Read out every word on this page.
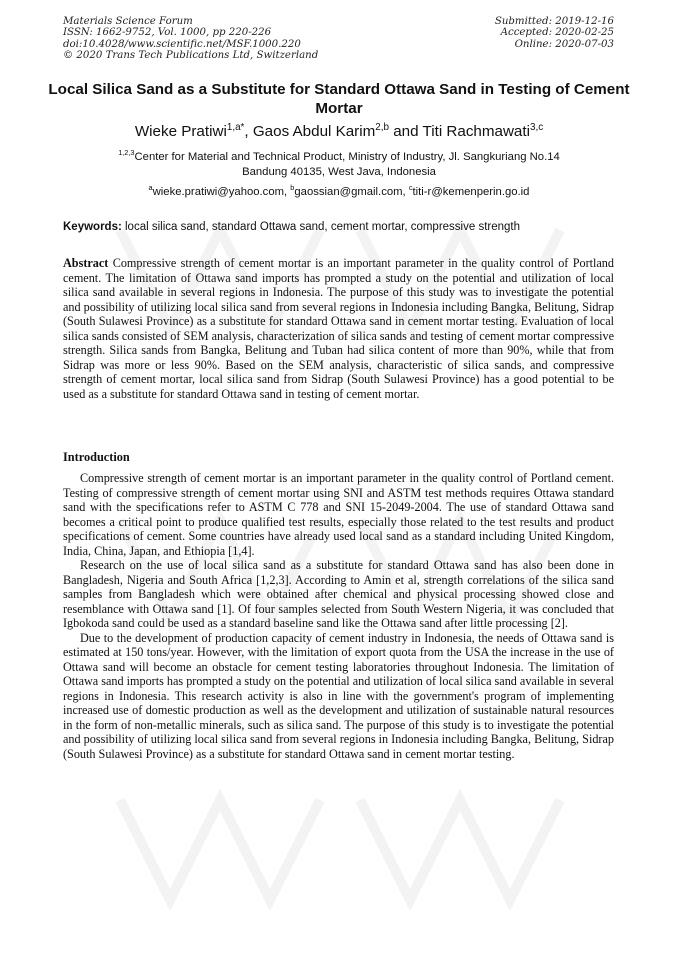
Materials Science Forum
ISSN: 1662-9752, Vol. 1000, pp 220-226
doi:10.4028/www.scientific.net/MSF.1000.220
© 2020 Trans Tech Publications Ltd, Switzerland
Submitted: 2019-12-16
Accepted: 2020-02-25
Online: 2020-07-03
Local Silica Sand as a Substitute for Standard Ottawa Sand in Testing of Cement Mortar
Wieke Pratiwi$^{1,a*}$, Gaos Abdul Karim$^{2,b}$ and Titi Rachmawati$^{3,c}$
$^{1,2,3}$Center for Material and Technical Product, Ministry of Industry, Jl. Sangkuriang No.14
Bandung 40135, West Java, Indonesia
$^a$wieke.pratiwi@yahoo.com, $^b$gaossian@gmail.com, $^c$titi-r@kemenperin.go.id
Keywords: local silica sand, standard Ottawa sand, cement mortar, compressive strength

Abstract Compressive strength of cement mortar is an important parameter in the quality control of Portland cement. The limitation of Ottawa sand imports has prompted a study on the potential and utilization of local silica sand available in several regions in Indonesia. The purpose of this study was to investigate the potential and possibility of utilizing local silica sand from several regions in Indonesia including Bangka, Belitung, Sidrap (South Sulawesi Province) as a substitute for standard Ottawa sand in cement mortar testing. Evaluation of local silica sands consisted of SEM analysis, characterization of silica sands and testing of cement mortar compressive strength. Silica sands from Bangka, Belitung and Tuban had silica content of more than 90%, while that from Sidrap was more or less 90%. Based on the SEM analysis, characteristic of silica sands, and compressive strength of cement mortar, local silica sand from Sidrap (South Sulawesi Province) has a good potential to be used as a substitute for standard Ottawa sand in testing of cement mortar.

Introduction

Compressive strength of cement mortar is an important parameter in the quality control of Portland cement. Testing of compressive strength of cement mortar using SNI and ASTM test methods requires Ottawa standard sand with the specifications refer to ASTM C 778 and SNI 15-2049-2004. The use of standard Ottawa sand becomes a critical point to produce qualified test results, especially those related to the test results and product specifications of cement. Some countries have already used local sand as a standard including United Kingdom, India, China, Japan, and Ethiopia [1,4].

Research on the use of local silica sand as a substitute for standard Ottawa sand has also been done in Bangladesh, Nigeria and South Africa [1,2,3]. According to Amin et al, strength correlations of the silica sand samples from Bangladesh which were obtained after chemical and physical processing showed close and resemblance with Ottawa sand [1]. Of four samples selected from South Western Nigeria, it was concluded that Igbokoda sand could be used as a standard baseline sand like the Ottawa sand after little processing [2].

Due to the development of production capacity of cement industry in Indonesia, the needs of Ottawa sand is estimated at 150 tons/year. However, with the limitation of export quota from the USA the increase in the use of Ottawa sand will become an obstacle for cement testing laboratories throughout Indonesia. The limitation of Ottawa sand imports has prompted a study on the potential and utilization of local silica sand available in several regions in Indonesia. This research activity is also in line with the government's program of implementing increased use of domestic production as well as the development and utilization of sustainable natural resources in the form of non-metallic minerals, such as silica sand. The purpose of this study is to investigate the potential and possibility of utilizing local silica sand from several regions in Indonesia including Bangka, Belitung, Sidrap (South Sulawesi Province) as a substitute for standard Ottawa sand in cement mortar testing.
